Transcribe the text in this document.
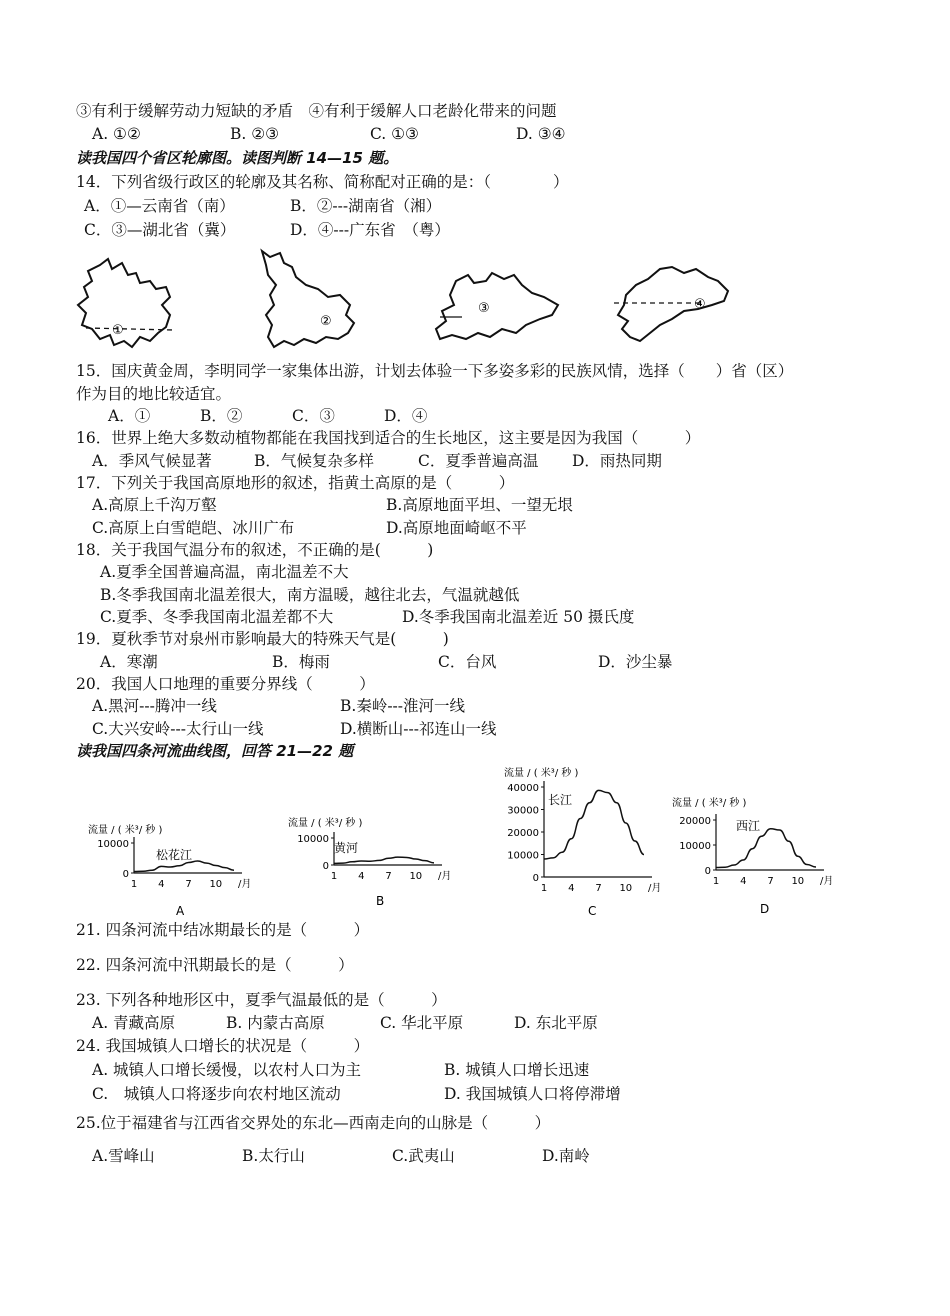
③有利于缓解劳动力短缺的矛盾　④有利于缓解人口老龄化带来的问题
A. ①②	B. ②③	C. ①③	D. ③④
读我国四个省区轮廓图。读图判断 14—15 题。
14．下列省级行政区的轮廓及其名称、简称配对正确的是：（　　　　）
A．①—云南省（南）	B．②---湖南省（湘）
C．③—湖北省（冀）	D．④---广东省　（粤）
①
②
③	④
15．国庆黄金周，李明同学一家集体出游，计划去体验一下多姿多彩的民族风情，选择（　　）省（区）
作为目的地比较适宜。
A．①	B．②	C．③	D．④
16．世界上绝大多数动植物都能在我国找到适合的生长地区，这主要是因为我国（　　　）
A．季风气候显著	B．气候复杂多样	C．夏季普遍高温 D．雨热同期
17．下列关于我国高原地形的叙述，指黄土高原的是（　　　）
A.高原上千沟万壑	B.高原地面平坦、一望无垠
C.高原上白雪皑皑、冰川广布	D.高原地面崎岖不平
18．关于我国气温分布的叙述，不正确的是(　　　)
A.夏季全国普遍高温，南北温差不大
B.冬季我国南北温差很大，南方温暖，越往北去，气温就越低
C.夏季、冬季我国南北温差都不大	D.冬季我国南北温差近 50 摄氏度
19．夏秋季节对泉州市影响最大的特殊天气是(　　　)
A．寒潮	B．梅雨	C．台风	D．沙尘暴
20．我国人口地理的重要分界线（　　　）
A.黑河---腾冲一线	B.秦岭---淮河一线
C.大兴安岭---太行山一线	D.横断山---祁连山一线
读我国四条河流曲线图，回答 21—22 题
流量 / ( 米³/ 秒 )
10000
0
1 4 7 10 /月
松花江
A
流量 / ( 米³/ 秒 )
10000
0
1 4 7 10 /月
黄河
B
流量 / ( 米³/ 秒 )
40000
30000
20000
10000
0
1 4 7 10 /月
长江
C
流量 / ( 米³/ 秒 )
20000
10000
0
1 4 7 10 /月
西江
D
21. 四条河流中结冰期最长的是（　　　）
22. 四条河流中汛期最长的是（　　　）
23. 下列各种地形区中，夏季气温最低的是（　　　）
A. 青藏高原	B. 内蒙古高原	C. 华北平原	D. 东北平原
24. 我国城镇人口增长的状况是（　　　）
A. 城镇人口增长缓慢，以农村人口为主	B. 城镇人口增长迅速
C.　城镇人口将逐步向农村地区流动	D. 我国城镇人口将停滞增
25.位于福建省与江西省交界处的东北—西南走向的山脉是（　　　）
A.雪峰山	B.太行山	C.武夷山	D.南岭
